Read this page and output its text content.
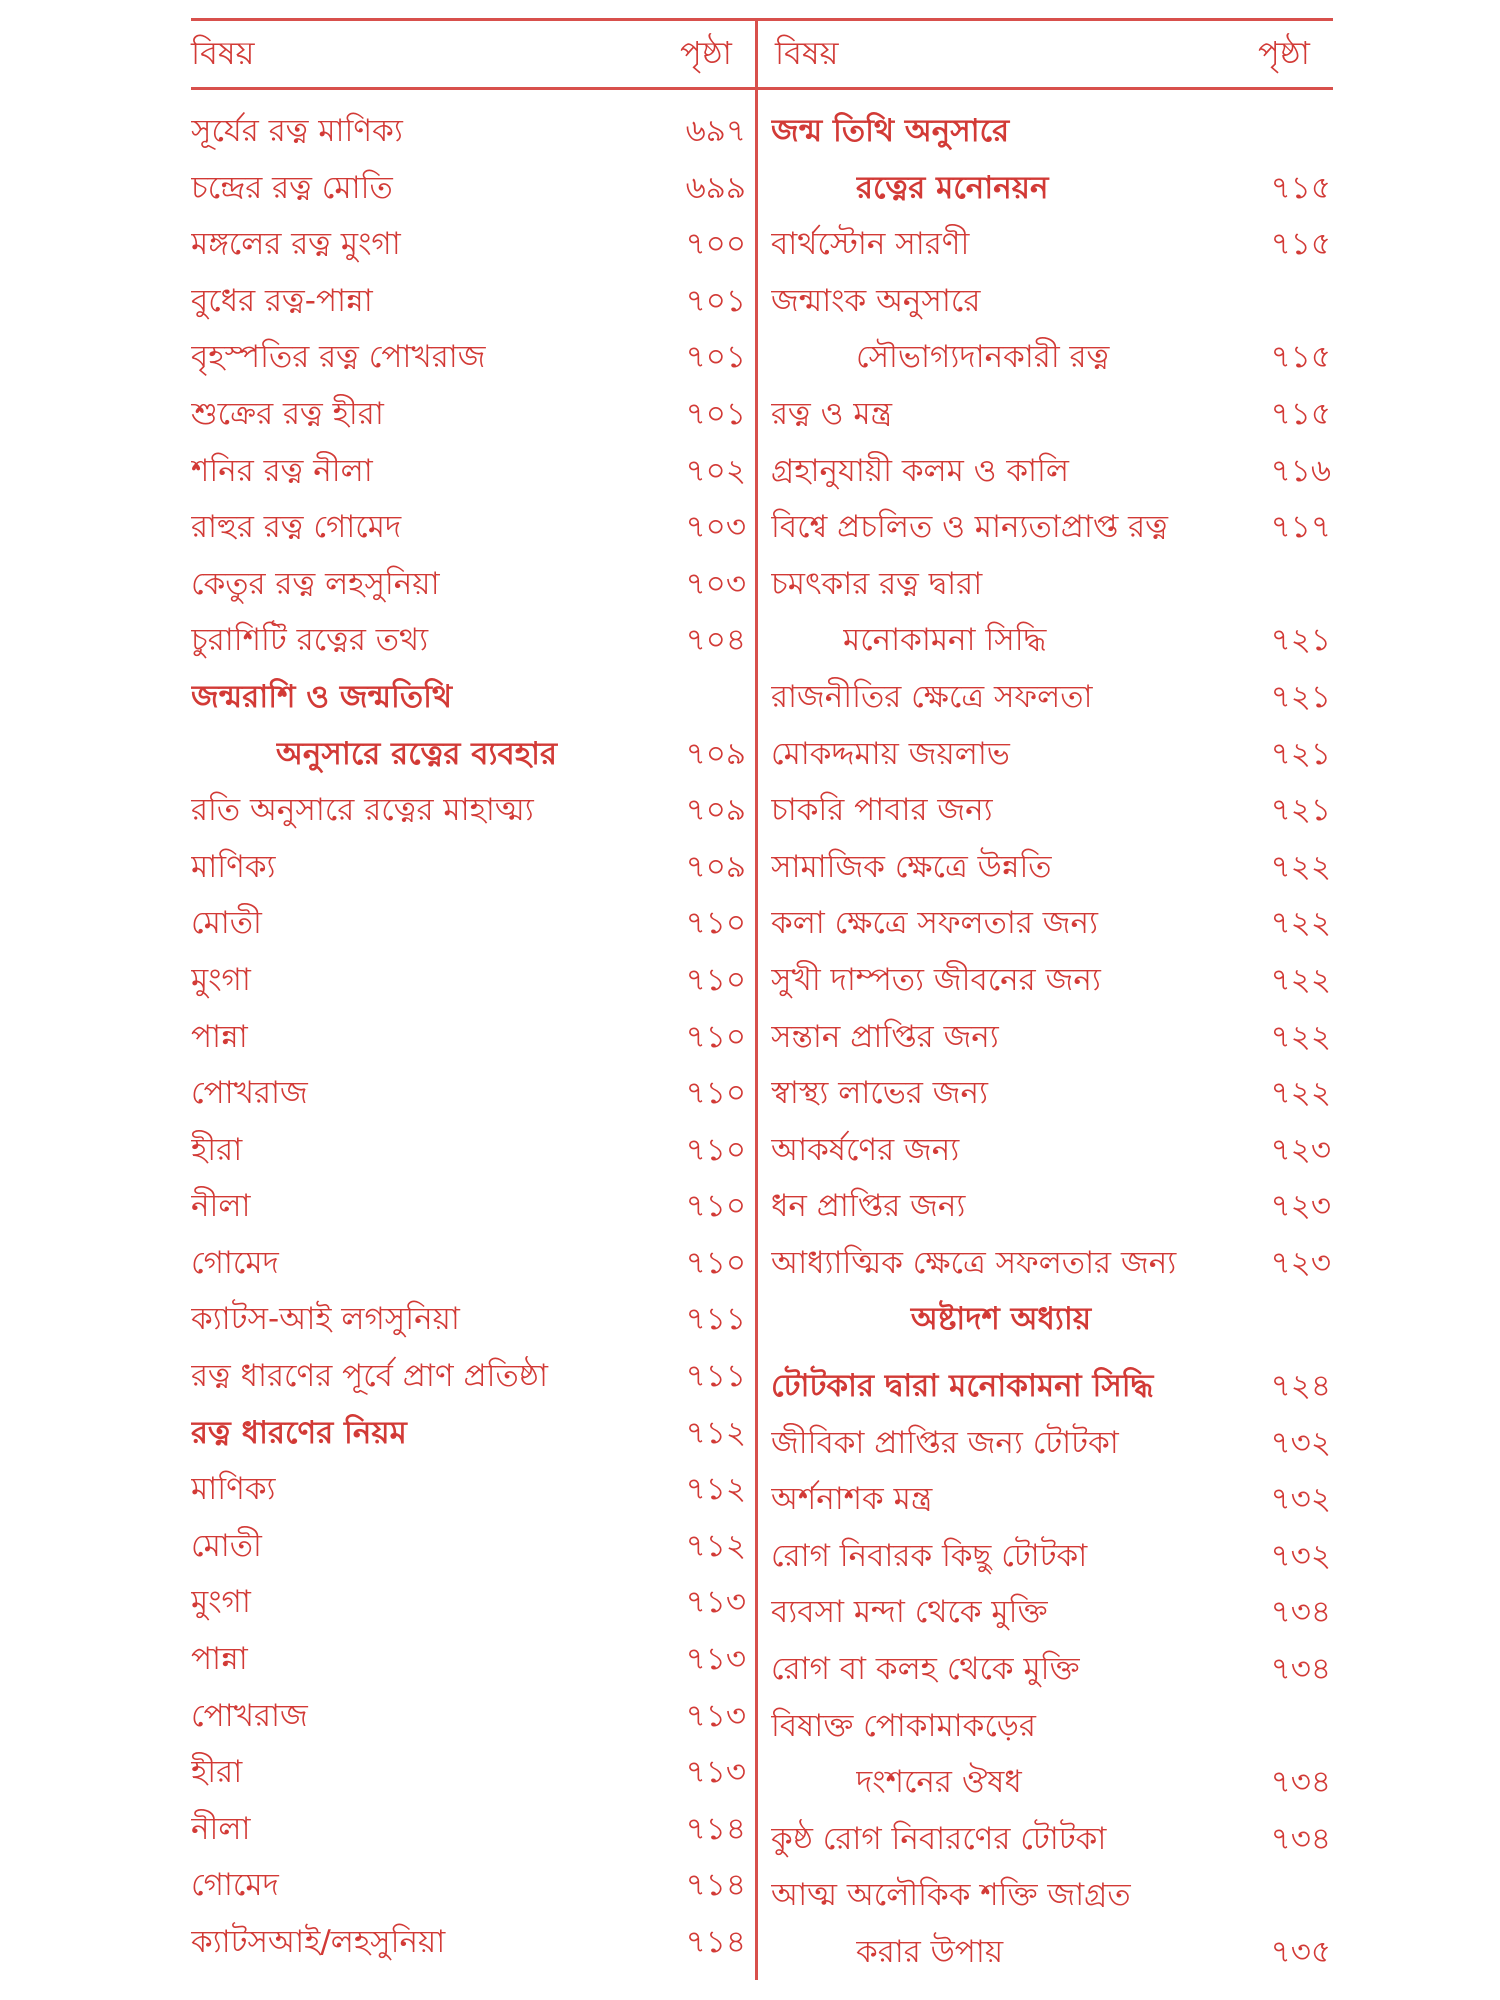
বিষয়	পৃষ্ঠা বিষয়	পৃষ্ঠা
সূর্যের রত্ন মাণিক্য	৬৯৭
চন্দ্রের রত্ন মোতি	৬৯৯
মঙ্গলের রত্ন মুংগা	৭০০
বুধের রত্ন-পান্না	৭০১
বৃহস্পতির রত্ন পোখরাজ	৭০১
শুক্রের রত্ন হীরা	৭০১
শনির রত্ন নীলা	৭০২
রাহুর রত্ন গোমেদ	৭০৩
কেতুর রত্ন লহসুনিয়া	৭০৩
চুরাশিটি রত্নের তথ্য	৭০৪
জন্মরাশি ও জন্মতিথি
অনুসারে রত্নের ব্যবহার	৭০৯
রতি অনুসারে রত্নের মাহাত্ম্য	৭০৯
মাণিক্য	৭০৯
মোতী	৭১০
মুংগা	৭১০
পান্না	৭১০
পোখরাজ	৭১০
হীরা	৭১০
নীলা	৭১০
গোমেদ	৭১০
ক্যাটস-আই লগসুনিয়া	৭১১
রত্ন ধারণের পূর্বে প্রাণ প্রতিষ্ঠা	৭১১
রত্ন ধারণের নিয়ম	৭১২
মাণিক্য	৭১২
মোতী	৭১২
মুংগা	৭১৩
পান্না	৭১৩
পোখরাজ	৭১৩
হীরা	৭১৩
নীলা	৭১৪
গোমেদ	৭১৪
ক্যাটসআই/লহসুনিয়া	৭১৪
জন্ম তিথি অনুসারে
রত্নের মনোনয়ন	৭১৫
বার্থস্টোন সারণী	৭১৫
জন্মাংক অনুসারে
সৌভাগ্যদানকারী রত্ন	৭১৫
রত্ন ও মন্ত্র	৭১৫
গ্রহানুযায়ী কলম ও কালি	৭১৬
বিশ্বে প্রচলিত ও মান্যতাপ্রাপ্ত রত্ন	৭১৭
চমৎকার রত্ন দ্বারা
মনোকামনা সিদ্ধি	৭২১
রাজনীতির ক্ষেত্রে সফলতা	৭২১
মোকদ্দমায় জয়লাভ	৭২১
চাকরি পাবার জন্য	৭২১
সামাজিক ক্ষেত্রে উন্নতি	৭২২
কলা ক্ষেত্রে সফলতার জন্য	৭২২
সুখী দাম্পত্য জীবনের জন্য	৭২২
সন্তান প্রাপ্তির জন্য	৭২২
স্বাস্থ্য লাভের জন্য	৭২২
আকর্ষণের জন্য	৭২৩
ধন প্রাপ্তির জন্য	৭২৩
আধ্যাত্মিক ক্ষেত্রে সফলতার জন্য	৭২৩
অষ্টাদশ অধ্যায়
টোটকার দ্বারা মনোকামনা সিদ্ধি	৭২৪
জীবিকা প্রাপ্তির জন্য টোটকা	৭৩২
অর্শনাশক মন্ত্র	৭৩২
রোগ নিবারক কিছু টোটকা	৭৩২
ব্যবসা মন্দা থেকে মুক্তি	৭৩৪
রোগ বা কলহ থেকে মুক্তি	৭৩৪
বিষাক্ত পোকামাকড়ের
দংশনের ঔষধ	৭৩৪
কুষ্ঠ রোগ নিবারণের টোটকা	৭৩৪
আত্ম অলৌকিক শক্তি জাগ্রত
করার উপায়	৭৩৫
